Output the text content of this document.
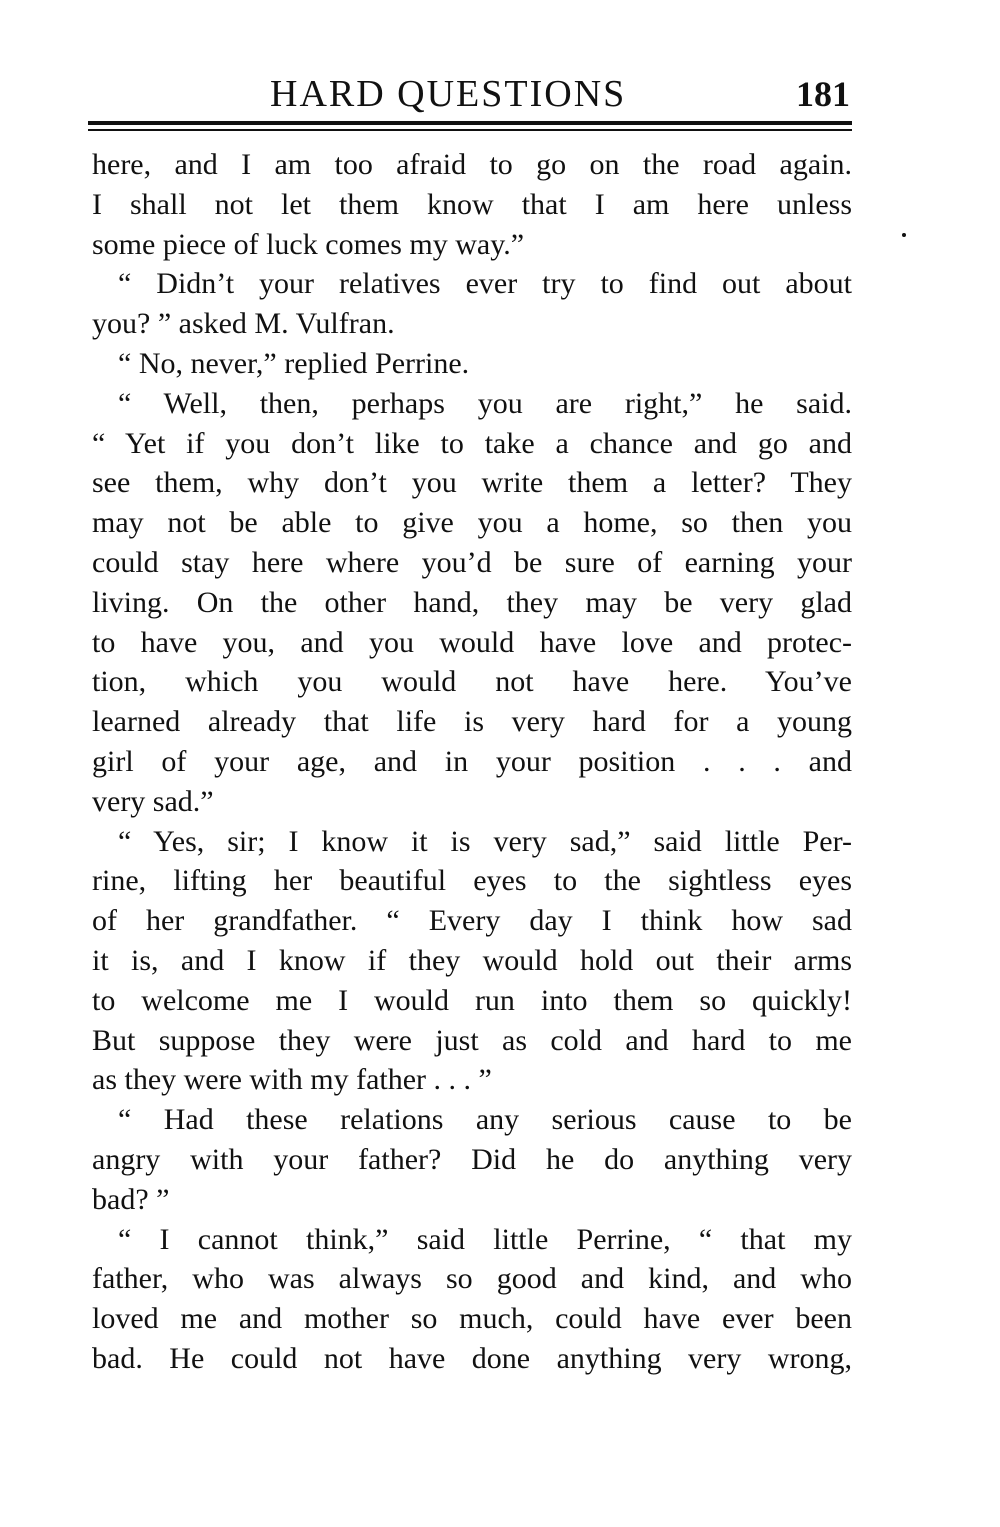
HARD QUESTIONS	181
here, and I am too afraid to go on the road again.
I shall not let them know that I am here unless
some piece of luck comes my way.”
“ Didn’t your relatives ever try to find out about
you? ” asked M. Vulfran.
“ No, never,” replied Perrine.
“ Well, then, perhaps you are right,” he said.
“ Yet if you don’t like to take a chance and go and
see them, why don’t you write them a letter? They
may not be able to give you a home, so then you
could stay here where you’d be sure of earning your
living. On the other hand, they may be very glad
to have you, and you would have love and protec-
tion, which you would not have here. You’ve
learned already that life is very hard for a young
girl of your age, and in your position . . . and
very sad.”
“ Yes, sir; I know it is very sad,” said little Per-
rine, lifting her beautiful eyes to the sightless eyes
of her grandfather. “ Every day I think how sad
it is, and I know if they would hold out their arms
to welcome me I would run into them so quickly!
But suppose they were just as cold and hard to me
as they were with my father . . . ”
“ Had these relations any serious cause to be
angry with your father? Did he do anything very
bad? ”
“ I cannot think,” said little Perrine, “ that my
father, who was always so good and kind, and who
loved me and mother so much, could have ever been
bad. He could not have done anything very wrong,
